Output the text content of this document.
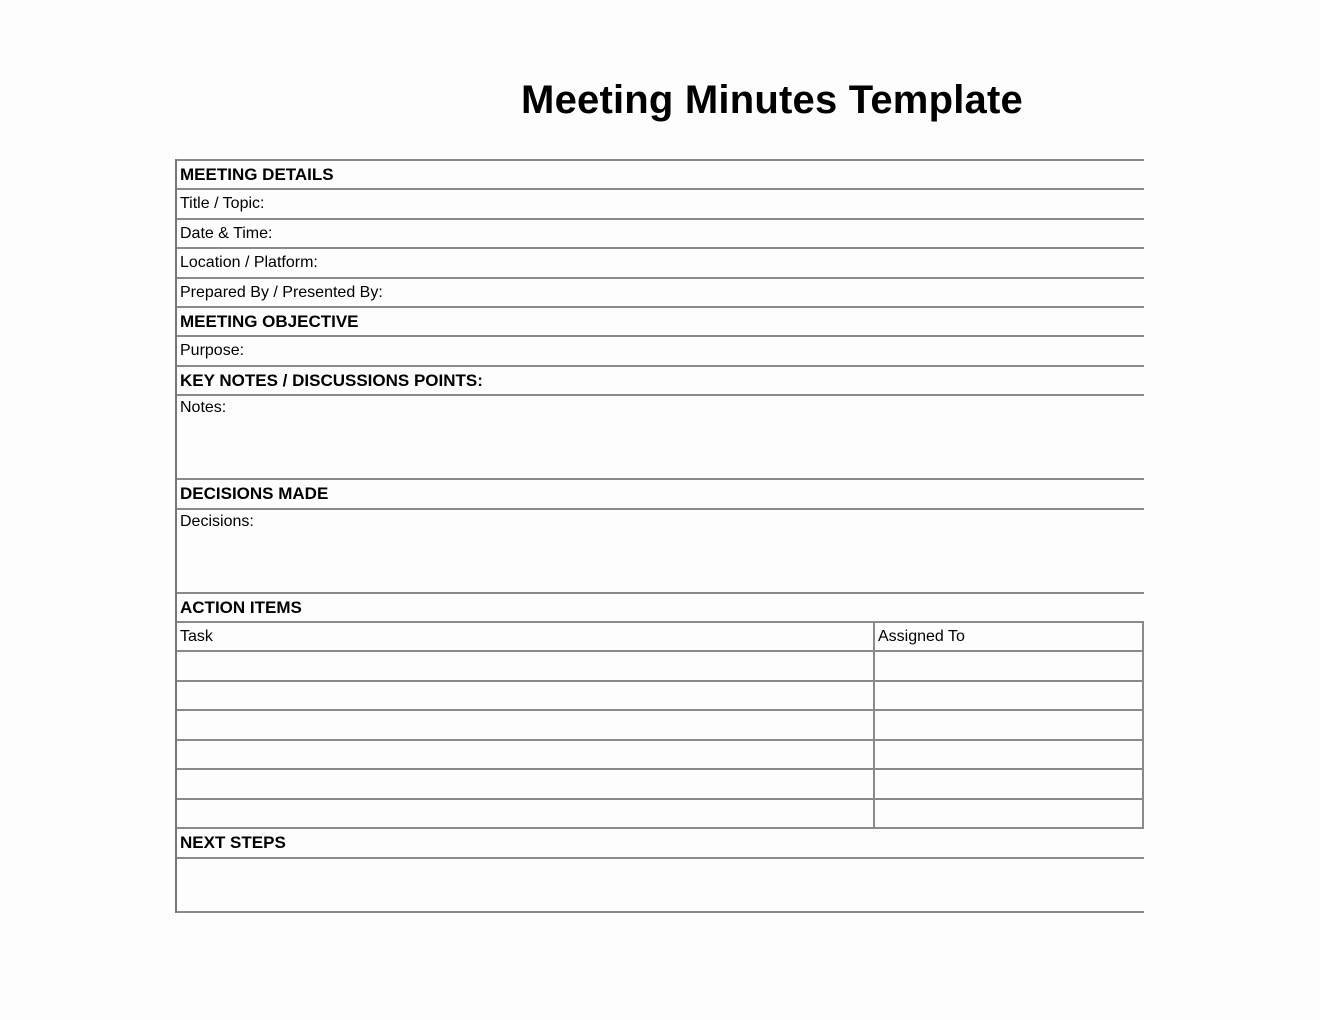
Meeting Minutes Template
MEETING DETAILS
Title / Topic:
Date & Time:
Location / Platform:
Prepared By / Presented By:
MEETING OBJECTIVE
Purpose:
KEY NOTES / DISCUSSIONS POINTS:
Notes:
DECISIONS MADE
Decisions:
ACTION ITEMS
Task	Assigned To
NEXT STEPS
